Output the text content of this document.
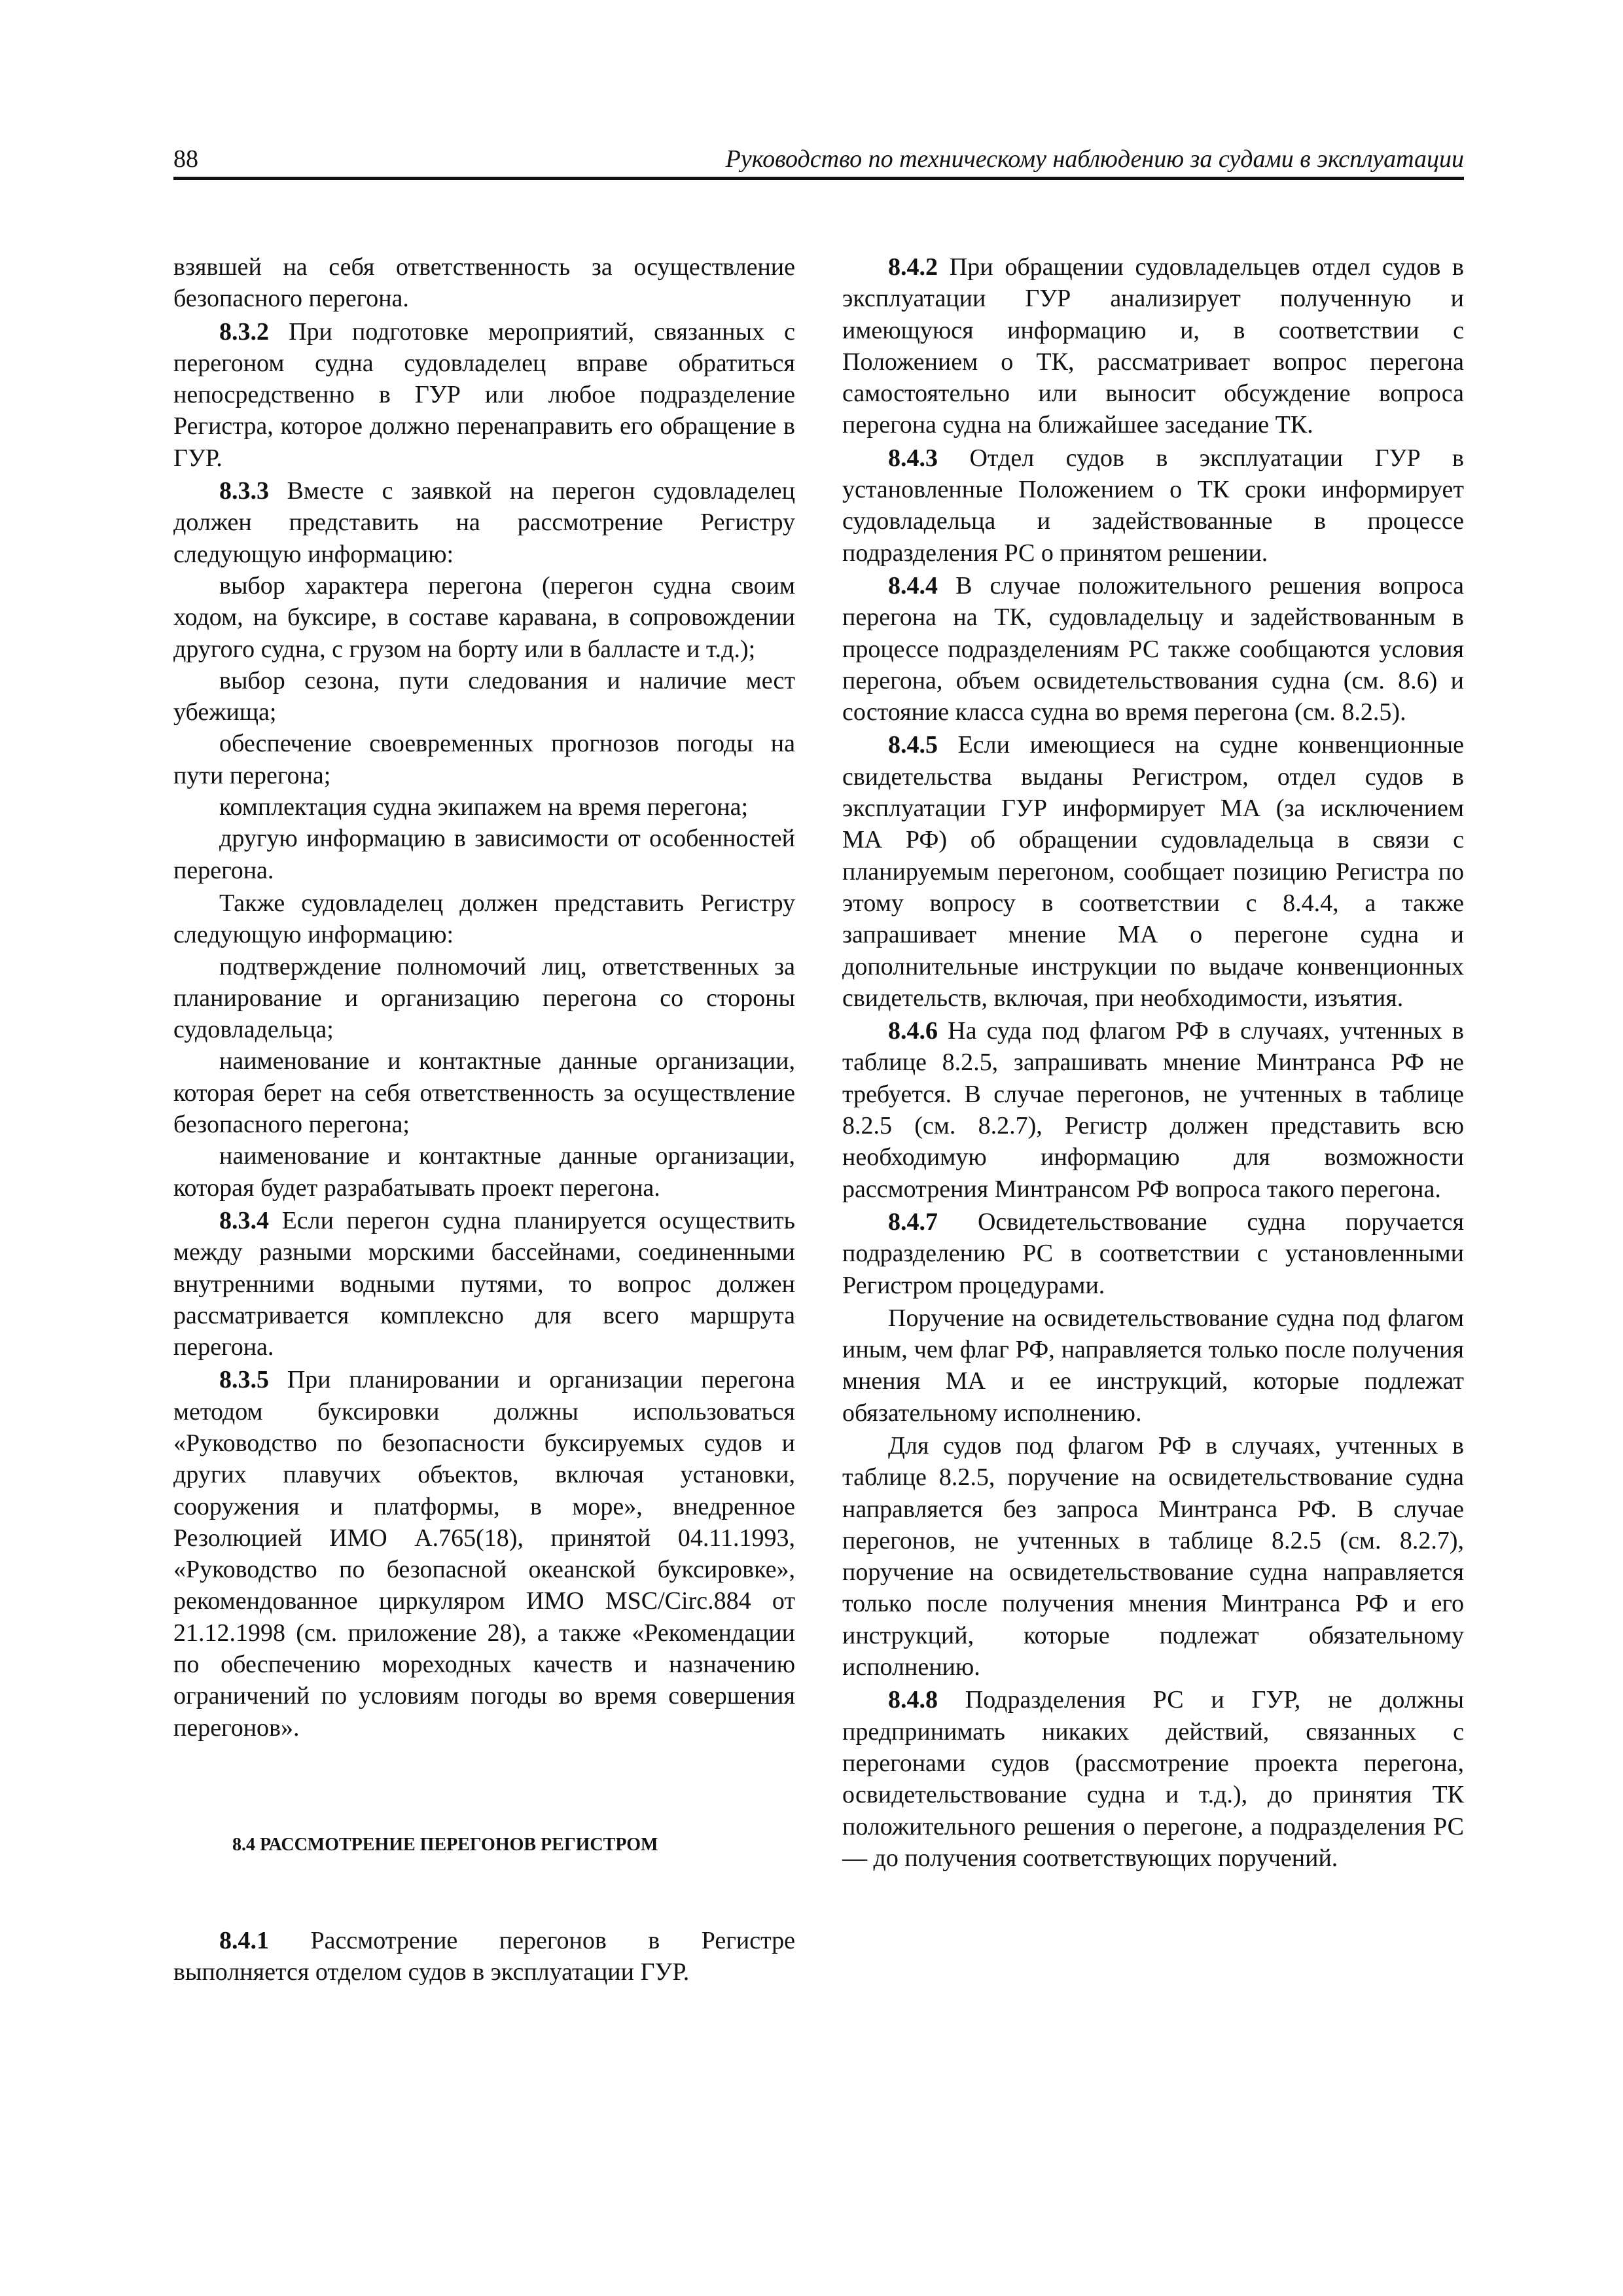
88	Руководство по техническому наблюдению за судами в эксплуатации

взявшей на себя ответственность за осуществление безопасного перегона.

8.3.2 При подготовке мероприятий, связанных с перегоном судна судовладелец вправе обратиться непосредственно в ГУР или любое подразделение Регистра, которое должно перенаправить его обращение в ГУР.

8.3.3 Вместе с заявкой на перегон судовладелец должен представить на рассмотрение Регистру следующую информацию:

выбор характера перегона (перегон судна своим ходом, на буксире, в составе каравана, в сопровождении другого судна, с грузом на борту или в балласте и т.д.);

выбор сезона, пути следования и наличие мест убежища;

обеспечение своевременных прогнозов погоды на пути перегона;

комплектация судна экипажем на время перегона;

другую информацию в зависимости от особенностей перегона.

Также судовладелец должен представить Регистру следующую информацию:

подтверждение полномочий лиц, ответственных за планирование и организацию перегона со стороны судовладельца;

наименование и контактные данные организации, которая берет на себя ответственность за осуществление безопасного перегона;

наименование и контактные данные организации, которая будет разрабатывать проект перегона.

8.3.4 Если перегон судна планируется осуществить между разными морскими бассейнами, соединенными внутренними водными путями, то вопрос должен рассматривается комплексно для всего маршрута перегона.

8.3.5 При планировании и организации перегона методом буксировки должны использоваться «Руководство по безопасности буксируемых судов и других плавучих объектов, включая установки, сооружения и платформы, в море», внедренное Резолюцией ИМО А.765(18), принятой 04.11.1993, «Руководство по безопасной океанской буксировке», рекомендованное циркуляром ИМО MSC/Circ.884 от 21.12.1998 (см. приложение 28), а также «Рекомендации по обеспечению мореходных качеств и назначению ограничений по условиям погоды во время совершения перегонов».

8.4 РАССМОТРЕНИЕ ПЕРЕГОНОВ РЕГИСТРОМ

8.4.1 Рассмотрение перегонов в Регистре выполняется отделом судов в эксплуатации ГУР.

8.4.2 При обращении судовладельцев отдел судов в эксплуатации ГУР анализирует полученную и имеющуюся информацию и, в соответствии с Положением о ТК, рассматривает вопрос перегона самостоятельно или выносит обсуждение вопроса перегона судна на ближайшее заседание ТК.

8.4.3 Отдел судов в эксплуатации ГУР в установленные Положением о ТК сроки информирует судовладельца и задействованные в процессе подразделения РС о принятом решении.

8.4.4 В случае положительного решения вопроса перегона на ТК, судовладельцу и задействованным в процессе подразделениям РС также сообщаются условия перегона, объем освидетельствования судна (см. 8.6) и состояние класса судна во время перегона (см. 8.2.5).

8.4.5 Если имеющиеся на судне конвенционные свидетельства выданы Регистром, отдел судов в эксплуатации ГУР информирует МА (за исключением МА РФ) об обращении судовладельца в связи с планируемым перегоном, сообщает позицию Регистра по этому вопросу в соответствии с 8.4.4, а также запрашивает мнение МА о перегоне судна и дополнительные инструкции по выдаче конвенционных свидетельств, включая, при необходимости, изъятия.

8.4.6 На суда под флагом РФ в случаях, учтенных в таблице 8.2.5, запрашивать мнение Минтранса РФ не требуется. В случае перегонов, не учтенных в таблице 8.2.5 (см. 8.2.7), Регистр должен представить всю необходимую информацию для возможности рассмотрения Минтрансом РФ вопроса такого перегона.

8.4.7 Освидетельствование судна поручается подразделению РС в соответствии с установленными Регистром процедурами.

Поручение на освидетельствование судна под флагом иным, чем флаг РФ, направляется только после получения мнения МА и ее инструкций, которые подлежат обязательному исполнению.

Для судов под флагом РФ в случаях, учтенных в таблице 8.2.5, поручение на освидетельствование судна направляется без запроса Минтранса РФ. В случае перегонов, не учтенных в таблице 8.2.5 (см. 8.2.7), поручение на освидетельствование судна направляется только после получения мнения Минтранса РФ и его инструкций, которые подлежат обязательному исполнению.

8.4.8 Подразделения РС и ГУР, не должны предпринимать никаких действий, связанных с перегонами судов (рассмотрение проекта перегона, освидетельствование судна и т.д.), до принятия ТК положительного решения о перегоне, а подразделения РС — до получения соответствующих поручений.
